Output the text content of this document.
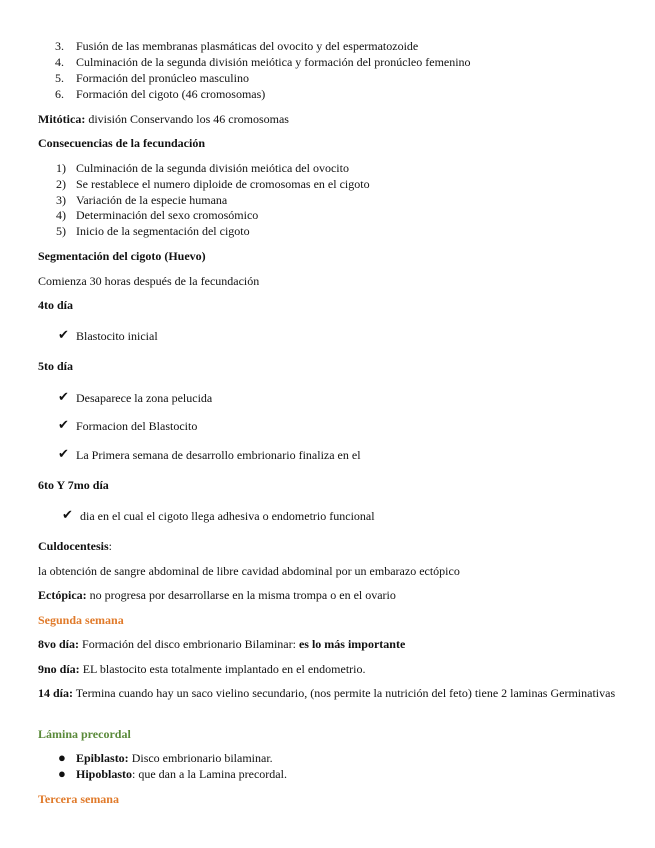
3. Fusión de las membranas plasmáticas del ovocito y del espermatozoide
4. Culminación de la segunda división meiótica y formación del pronúcleo femenino
5. Formación del pronúcleo masculino
6. Formación del cigoto (46 cromosomas)
Mitótica: división Conservando los 46 cromosomas
Consecuencias de la fecundación
1) Culminación de la segunda división meiótica del ovocito
2) Se restablece el numero diploide de cromosomas en el cigoto
3) Variación de la especie humana
4) Determinación del sexo cromosómico
5) Inicio de la segmentación del cigoto
Segmentación del cigoto (Huevo)
Comienza 30 horas después de la fecundación
4to día
✔ Blastocito inicial
5to día
✔ Desaparece la zona pelucida
✔ Formacion del Blastocito
✔ La Primera semana de desarrollo embrionario finaliza en el
6to Y 7mo día
✔ dia en el cual el cigoto llega adhesiva o endometrio funcional
Culdocentesis:
la obtención de sangre abdominal de libre cavidad abdominal por un embarazo ectópico
Ectópica: no progresa por desarrollarse en la misma trompa o en el ovario
Segunda semana
8vo día: Formación del disco embrionario Bilaminar: es lo más importante
9no día: EL blastocito esta totalmente implantado en el endometrio.
14 día: Termina cuando hay un saco vielino secundario, (nos permite la nutrición del feto) tiene 2 laminas Germinativas
Lámina precordal
● Epiblasto: Disco embrionario bilaminar.
● Hipoblasto: que dan a la Lamina precordal.
Tercera semana
